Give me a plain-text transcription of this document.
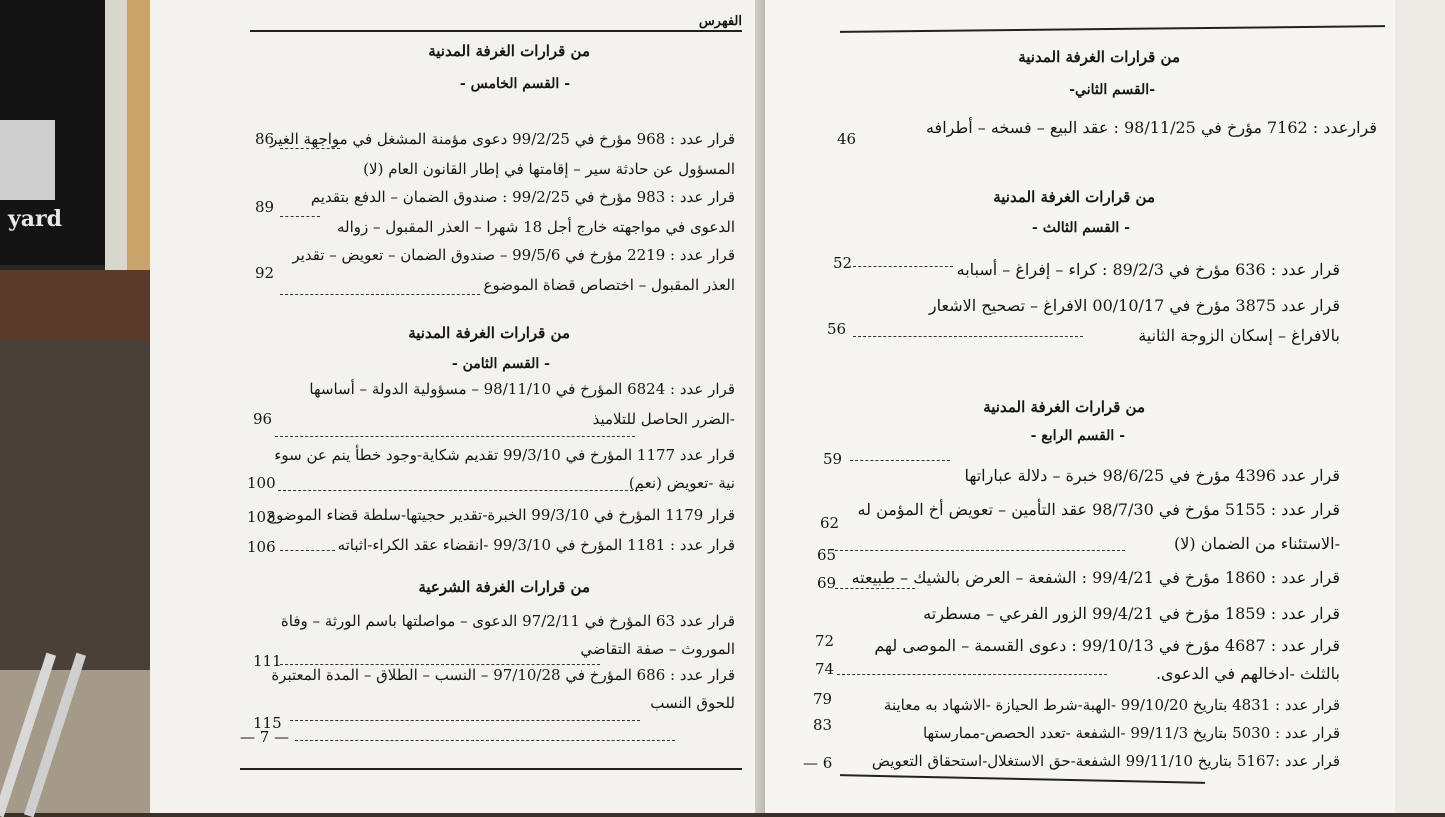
yard
الفهرس
من قرارات الغرفة المدنية
- القسم الخامس -
قرار عدد : 968 مؤرخ في 99/2/25 دعوى مؤمنة المشغل في مواجهة الغير
المسؤول عن حادثة سير – إقامتها في إطار القانون العام (لا)
86
قرار عدد : 983 مؤرخ في 99/2/25 : صندوق الضمان – الدفع بتقديم
الدعوى في مواجهته خارج أجل 18 شهرا – العذر المقبول – زواله
89
قرار عدد : 2219 مؤرخ في 99/5/6 – صندوق الضمان – تعويض – تقدير
العذر المقبول – اختصاص قضاة الموضوع
92
من قرارات الغرفة المدنية
- القسم الثامن -
قرار عدد : 6824 المؤرخ في 98/11/10 – مسؤولية الدولة – أساسها
-الضرر الحاصل للتلاميذ
96
قرار عدد 1177 المؤرخ في 99/3/10 تقديم شكاية-وجود خطأ ينم عن سوء
نية -تعويض (نعم)
100
قرار 1179 المؤرخ في 99/3/10 الخبرة-تقدير حجيتها-سلطة قضاء الموضوع
103
قرار عدد : 1181 المؤرخ في 99/3/10 -انقضاء عقد الكراء-اثباته
106
من قرارات الغرفة الشرعية
قرار عدد 63 المؤرخ في 97/2/11 الدعوى – مواصلتها باسم الورثة – وفاة
الموروث – صفة التقاضي
111
قرار عدد : 686 المؤرخ في 97/10/28 – النسب – الطلاق – المدة المعتبرة
للحوق النسب
115
— 7 —
من قرارات الغرفة المدنية
-القسم الثاني-
قرارعدد : 7162 مؤرخ في 98/11/25 : عقد البيع – فسخه – أطرافه
46
من قرارات الغرفة المدنية
- القسم الثالث -
قرار عدد : 636 مؤرخ في 89/2/3 : كراء – إفراغ – أسبابه
52
قرار عدد 3875 مؤرخ في 00/10/17 الافراغ – تصحيح الاشعار
بالافراغ – إسكان الزوجة الثانية
56
من قرارات الغرفة المدنية
- القسم الرابع -
قرار عدد 4396 مؤرخ في 98/6/25 خبرة – دلالة عباراتها
59
قرار عدد : 5155 مؤرخ في 98/7/30 عقد التأمين – تعويض أخ المؤمن له
-الاستئناء من الضمان (لا)
62
قرار عدد : 1860 مؤرخ في 99/4/21 : الشفعة – العرض بالشيك – طبيعته
65
قرار عدد : 1859 مؤرخ في 99/4/21 الزور الفرعي – مسطرته
69
قرار عدد : 4687 مؤرخ في 99/10/13 : دعوى القسمة – الموصى لهم
بالثلث -ادخالهم في الدعوى.
72
قرار عدد : 4831 بتاريخ 99/10/20 -الهبة-شرط الحيازة -الاشهاد به معاينة
74
قرار عدد : 5030 بتاريخ 99/11/3 -الشفعة -تعدد الحصص-ممارستها
79
قرار عدد :5167 بتاريخ 99/11/10 الشفعة-حق الاستغلال-استحقاق التعويض
83
— 6
